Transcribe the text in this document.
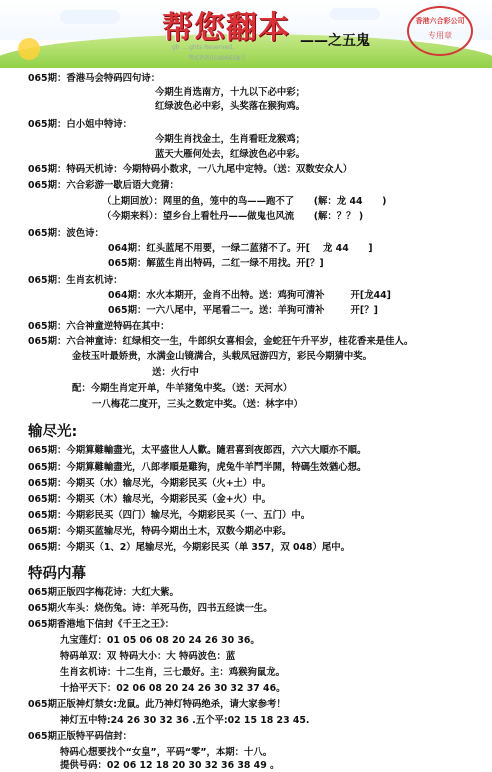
帮您翻本 ——之五鬼
gh ... ghts Reserved.
粤ICP备05006658号
香港六合彩公司
专用章
065期：香港马会特码四句诗：
今期生肖选南方，十九以下必中彩；
红绿波色必中彩，头奖落在猴狗鸡。
065期：白小姐中特诗：
今期生肖找金土，生肖看旺龙猴鸡；
蓝天大雁何处去，红绿波色必中彩。
065期：特码天机诗：今期特码小数求，一八九尾中定特。（送：双数安众人）
065期：六合彩游一歇后语大竞猜：
（上期回放）：网里的鱼，笼中的鸟——跑不了      (解：龙 44      )
（今期来料）：望乡台上看牡丹——做鬼也风流      (解：？？ )
065期：波色诗：
064期：红头蓝尾不用要，一绿二蓝猪不了。开[    龙 44      ]
065期：解蓝生肖出特码，二红一绿不用找。开[？]
065期：生肖玄机诗：
064期：水火本期开，金肖不出特。送：鸡狗可清补        开[龙44]
065期：一六八尾中，平尾看二一。送：羊狗可清补        开[？]
065期：六合神童逆特码在其中：
065期：六合神童诗：红绿相交一生，牛郎织女喜相会，金蛇狂午升平岁，桂花香来是佳人。
金枝玉叶最娇贵，水满金山镜满合，头载凤冠游四方，彩民今期猜中奖。
送：火行中
配：今期生肖定开单，牛羊猪兔中奖。（送：天河水）
一八梅花二度开，三头之数定中奖。（送：林字中）
输尽光:
065期：今期算難輸盡光，太平盛世人人歡。隨君喜到夜郎西，六六大順亦不順。
065期：今期算難輸盡光，八郎孝順是雞狗，虎兔牛羊鬥半開，特碼生效猶心想。
065期：今期买（水）输尽光，今期彩民买（火+土）中。
065期：今期买（木）输尽光，今期彩民买（金+火）中。
065期：今期彩民买（四门）输尽光，今期彩民买（一、五门）中。
065期：今期买蓝输尽光，特码今期出土木，双数今期必中彩。
065期：今期买（1、2）尾输尽光，今期彩民买（单 357，双 048）尾中。
特码内幕
065期正版四字梅花诗：大红大紫。
065期火车头：烧伤兔。诗：羊死马伤，四书五经读一生。
065期香港地下信封《千王之王》：
九宝莲灯：01 05 06 08 20 24 26 30 36。
特码单双：双 特码大小：大 特码波色：蓝
生肖玄机诗：十二生肖，三七最好。主：鸡猴狗鼠龙。
十拾平天下：02 06 08 20 24 26 30 32 37 46。
065期正版神灯禁女:龙鼠。此乃神灯特码绝杀，请大家参考！
神灯五中特:24 26 30 32 36 .五个平:02 15 18 23 45.
065期正版特平码信封：
特码心想要找个“女皇”，平码“零”，本期：十八。
提供号码：02 06 12 18 20 30 32 36 38 49 。
